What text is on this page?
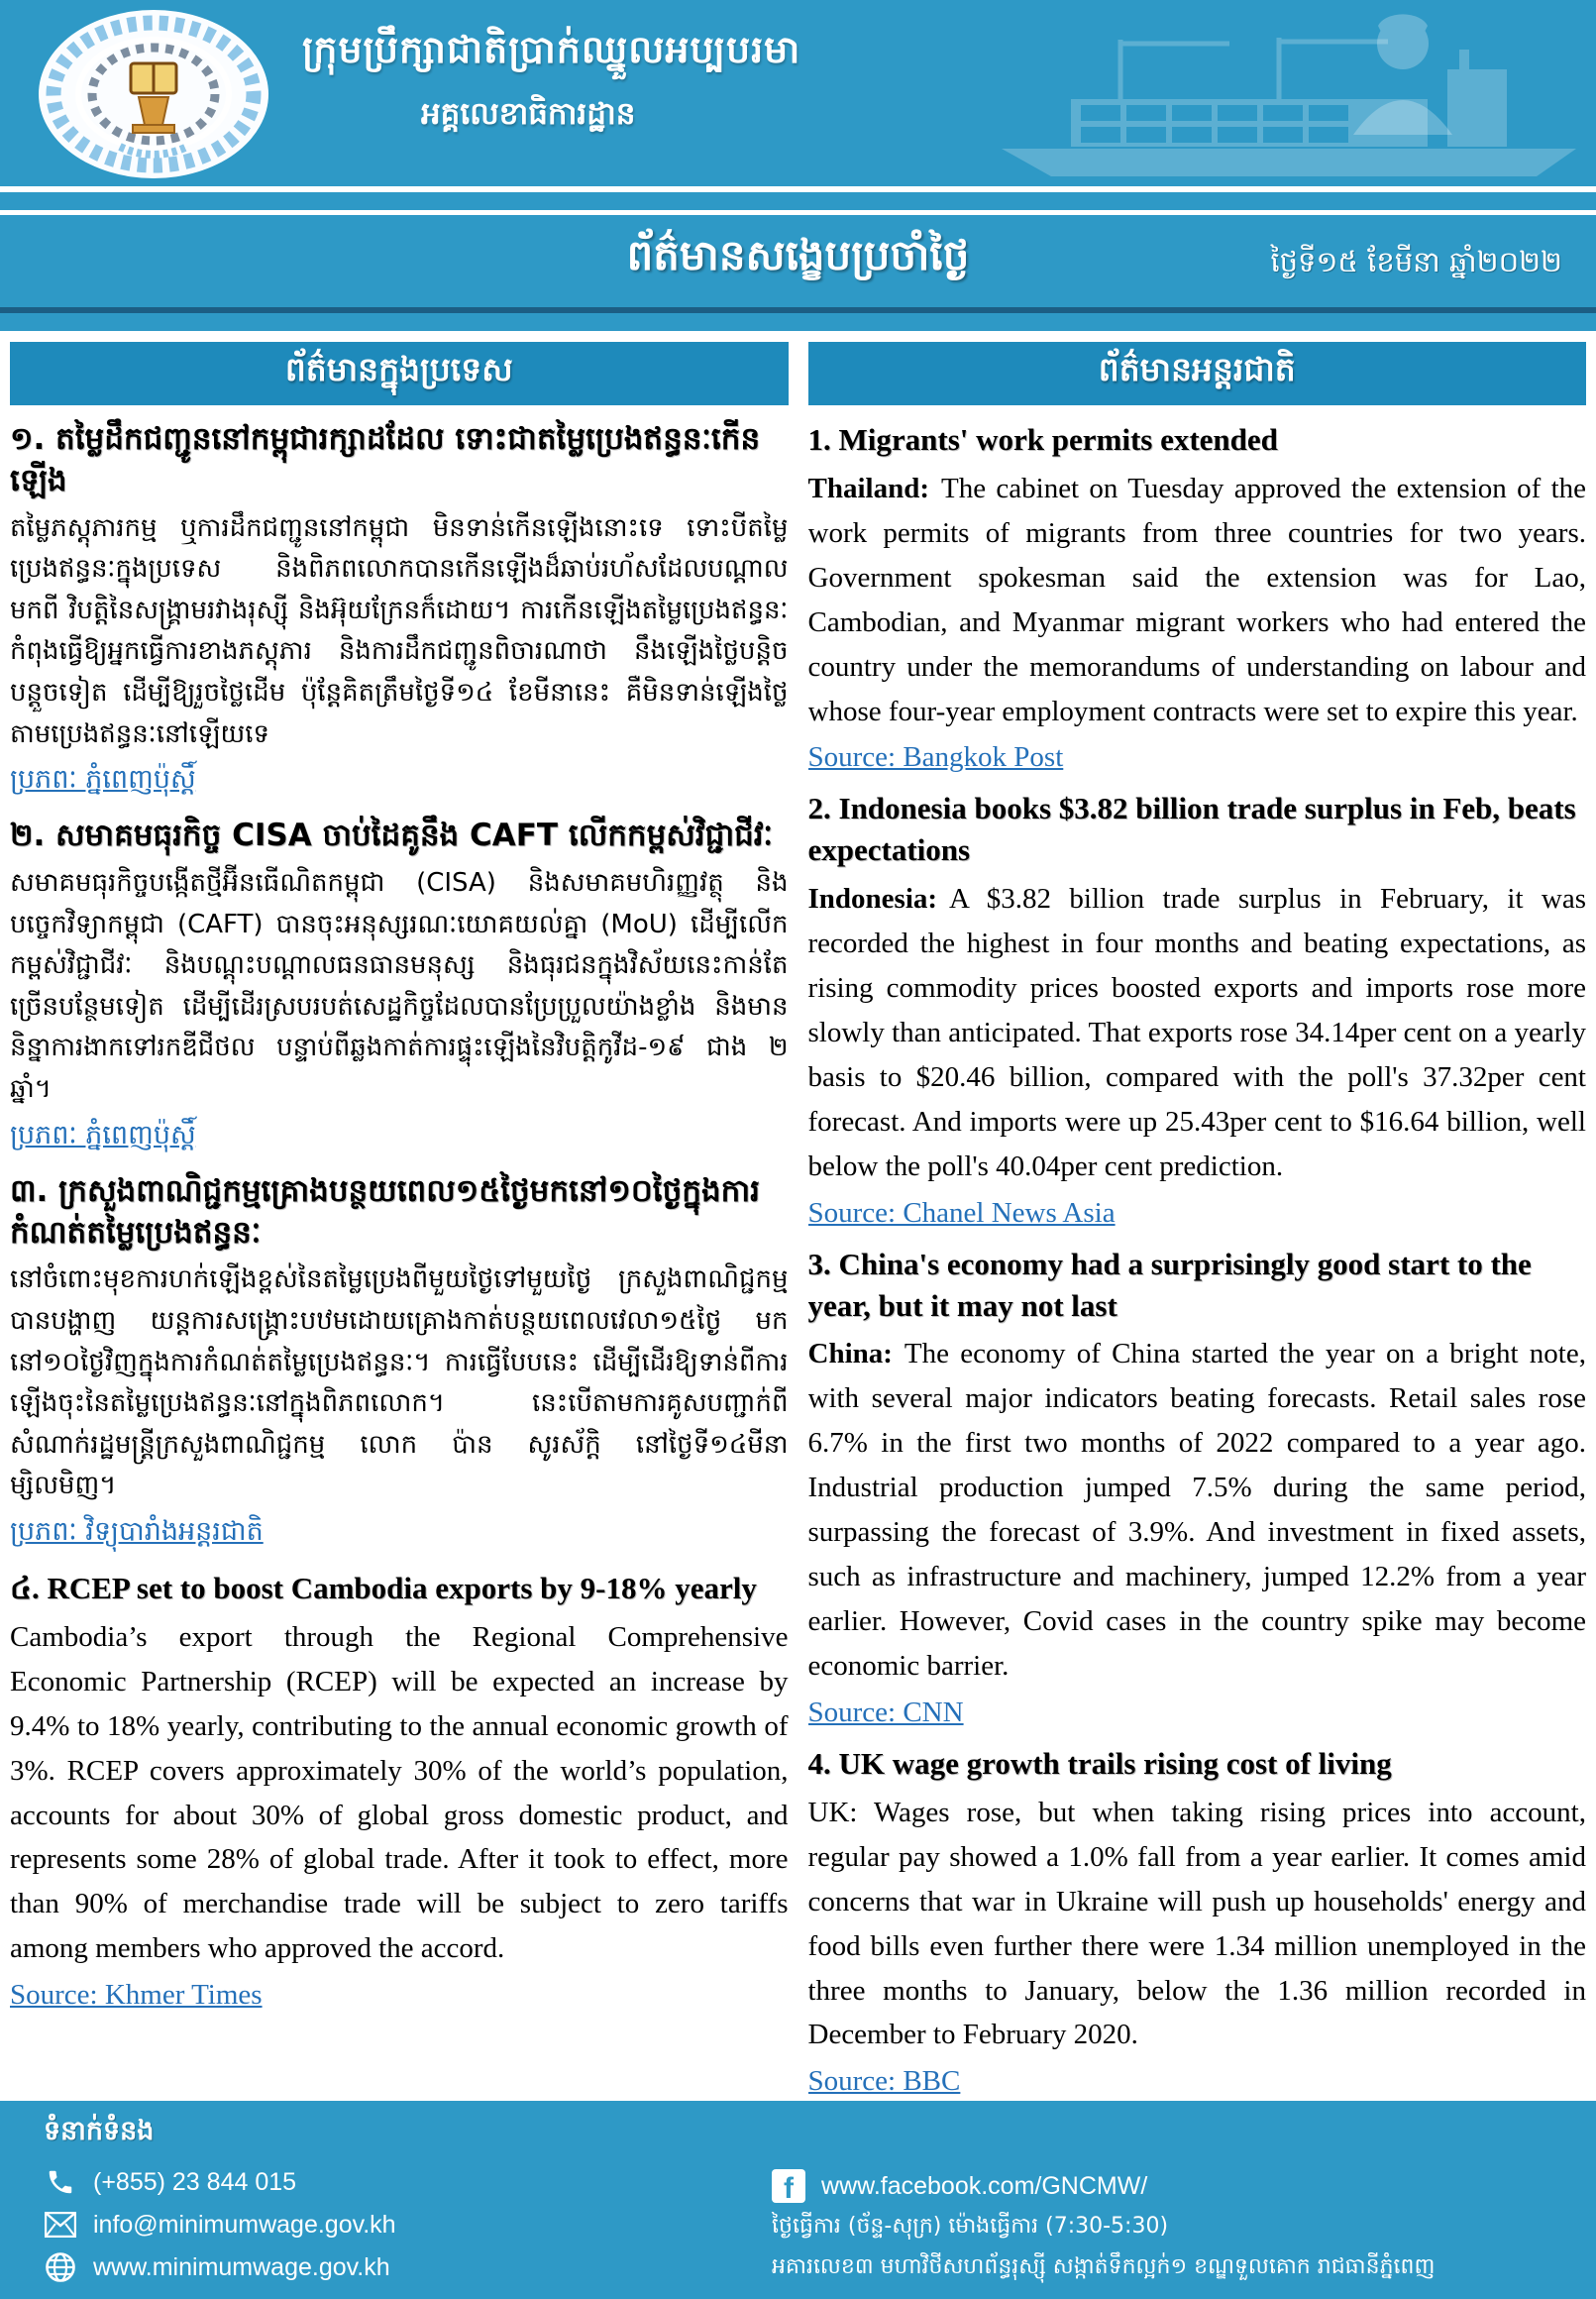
ក្រុមប្រឹក្សាជាតិប្រាក់ឈ្នួលអប្បបរមា
អគ្គលេខាធិការដ្ឋាន
ព័ត៌មានសង្ខេបប្រចាំថ្ងៃ	ថ្ងៃទី១៥ ខែមីនា ឆ្នាំ២០២២
ព័ត៌មានក្នុងប្រទេស
១. តម្លៃដឹកជញ្ជូននៅកម្ពុជារក្សាដដែល ទោះជាតម្លៃប្រេងឥន្ធនៈកើនឡើង
តម្លៃភស្តុភារកម្ម ឬការដឹកជញ្ជូននៅកម្ពុជា មិនទាន់កើនឡើងនោះទេ ទោះបីតម្លៃប្រេងឥន្ធនៈក្នុងប្រទេស និងពិភពលោកបានកើនឡើងដ៏ឆាប់រហ័សដែលបណ្ដាលមកពី វិបត្តិនៃសង្គ្រាមរវាងរុស្ស៊ី និងអ៊ុយក្រែនក៏ដោយ។ ការកើនឡើងតម្លៃប្រេងឥន្ធនៈកំពុងធ្វើឱ្យអ្នកធ្វើការខាងភស្តុភារ និងការដឹកជញ្ជូនពិចារណាថា នឹងឡើងថ្លៃបន្តិចបន្តួចទៀត ដើម្បីឱ្យរួចថ្លៃដើម ប៉ុន្តែគិតត្រឹមថ្ងៃទី១៤ ខែមីនានេះ គឺមិនទាន់ឡើងថ្លៃតាមប្រេងឥន្ធនៈនៅឡើយទេ
ប្រភពៈ ភ្នំពេញប៉ុស្តិ៍
២. សមាគមធុរកិច្ច CISA ចាប់ដៃគូនឹង CAFT លើកកម្ពស់វិជ្ជាជីវៈ
សមាគមធុរកិច្ចបង្កើតថ្មីអ៊ីនធើណិតកម្ពុជា (CISA) និងសមាគមហិរញ្ញវត្ថុ និងបច្ចេកវិទ្យាកម្ពុជា (CAFT) បានចុះអនុស្សរណៈយោគយល់គ្នា (MoU) ដើម្បីលើកកម្ពស់វិជ្ជាជីវៈ និងបណ្ដុះបណ្ដាលធនធានមនុស្ស និងធុរជនក្នុងវិស័យនេះកាន់តែច្រើនបន្ថែមទៀត ដើម្បីដើរស្របរបត់សេដ្ឋកិច្ចដែលបានប្រែប្រួលយ៉ាងខ្លាំង និងមាននិន្នាការងាកទៅរកឌីជីថល បន្ទាប់ពីឆ្លងកាត់ការផ្ទុះឡើងនៃវិបត្តិកូវីដ-១៩ ជាង ២ ឆ្នាំ។
ប្រភពៈ ភ្នំពេញប៉ុស្តិ៍
៣. ក្រសួងពាណិជ្ជកម្មគ្រោងបន្ថយពេល១៥ថ្ងៃមកនៅ១០ថ្ងៃក្នុងការកំណត់តម្លៃប្រេងឥន្ធនៈ
នៅចំពោះមុខការហក់ឡើងខ្ពស់នៃតម្លៃប្រេងពីមួយថ្ងៃទៅមួយថ្ងៃ ក្រសួងពាណិជ្ជកម្មបានបង្ហាញ យន្តការសង្គ្រោះបឋមដោយគ្រោងកាត់បន្ថយពេលវេលា១៥ថ្ងៃ មកនៅ១០ថ្ងៃវិញក្នុងការកំណត់តម្លៃប្រេងឥន្ធនៈ។ ការធ្វើបែបនេះ ដើម្បីដើរឱ្យទាន់ពីការឡើងចុះនៃតម្លៃប្រេងឥន្ធនៈនៅក្នុងពិភពលោក។ នេះបើតាមការគូសបញ្ជាក់ពីសំណាក់រដ្ឋមន្ត្រីក្រសួងពាណិជ្ជកម្ម លោក ប៉ាន សូរស័ក្តិ នៅថ្ងៃទី១៤មីនា ម្សិលមិញ។
ប្រភពៈ វិទ្យុបារាំងអន្តរជាតិ
៤. RCEP set to boost Cambodia exports by 9-18% yearly
Cambodia’s export through the Regional Comprehensive Economic Partnership (RCEP) will be expected an increase by 9.4% to 18% yearly, contributing to the annual economic growth of 3%. RCEP covers approximately 30% of the world’s population, accounts for about 30% of global gross domestic product, and represents some 28% of global trade. After it took to effect, more than 90% of merchandise trade will be subject to zero tariffs among members who approved the accord.
Source: Khmer Times
ព័ត៌មានអន្តរជាតិ
1. Migrants' work permits extended
Thailand: The cabinet on Tuesday approved the extension of the work permits of migrants from three countries for two years. Government spokesman said the extension was for Lao, Cambodian, and Myanmar migrant workers who had entered the country under the memorandums of understanding on labour and whose four-year employment contracts were set to expire this year.
Source: Bangkok Post
2. Indonesia books $3.82 billion trade surplus in Feb, beats expectations
Indonesia: A $3.82 billion trade surplus in February, it was recorded the highest in four months and beating expectations, as rising commodity prices boosted exports and imports rose more slowly than anticipated. That exports rose 34.14per cent on a yearly basis to $20.46 billion, compared with the poll's 37.32per cent forecast. And imports were up 25.43per cent to $16.64 billion, well below the poll's 40.04per cent prediction.
Source: Chanel News Asia
3. China's economy had a surprisingly good start to the year, but it may not last
China: The economy of China started the year on a bright note, with several major indicators beating forecasts. Retail sales rose 6.7% in the first two months of 2022 compared to a year ago. Industrial production jumped 7.5% during the same period, surpassing the forecast of 3.9%. And investment in fixed assets, such as infrastructure and machinery, jumped 12.2% from a year earlier. However, Covid cases in the country spike may become economic barrier.
Source: CNN
4. UK wage growth trails rising cost of living
UK: Wages rose, but when taking rising prices into account, regular pay showed a 1.0% fall from a year earlier. It comes amid concerns that war in Ukraine will push up households' energy and food bills even further there were 1.34 million unemployed in the three months to January, below the 1.36 million recorded in December to February 2020.
Source: BBC
ទំនាក់ទំនង
(+855) 23 844 015
info@minimumwage.gov.kh
www.minimumwage.gov.kh
f	www.facebook.com/GNCMW/
ថ្ងៃធ្វើការ (ច័ន្ទ-សុក្រ) ម៉ោងធ្វើការ (7:30-5:30)
អគារលេខ៣ មហាវិថីសហព័ន្ធរុស្ស៊ី សង្កាត់ទឹកល្អក់១ ខណ្ឌទួលគោក រាជធានីភ្នំពេញ
